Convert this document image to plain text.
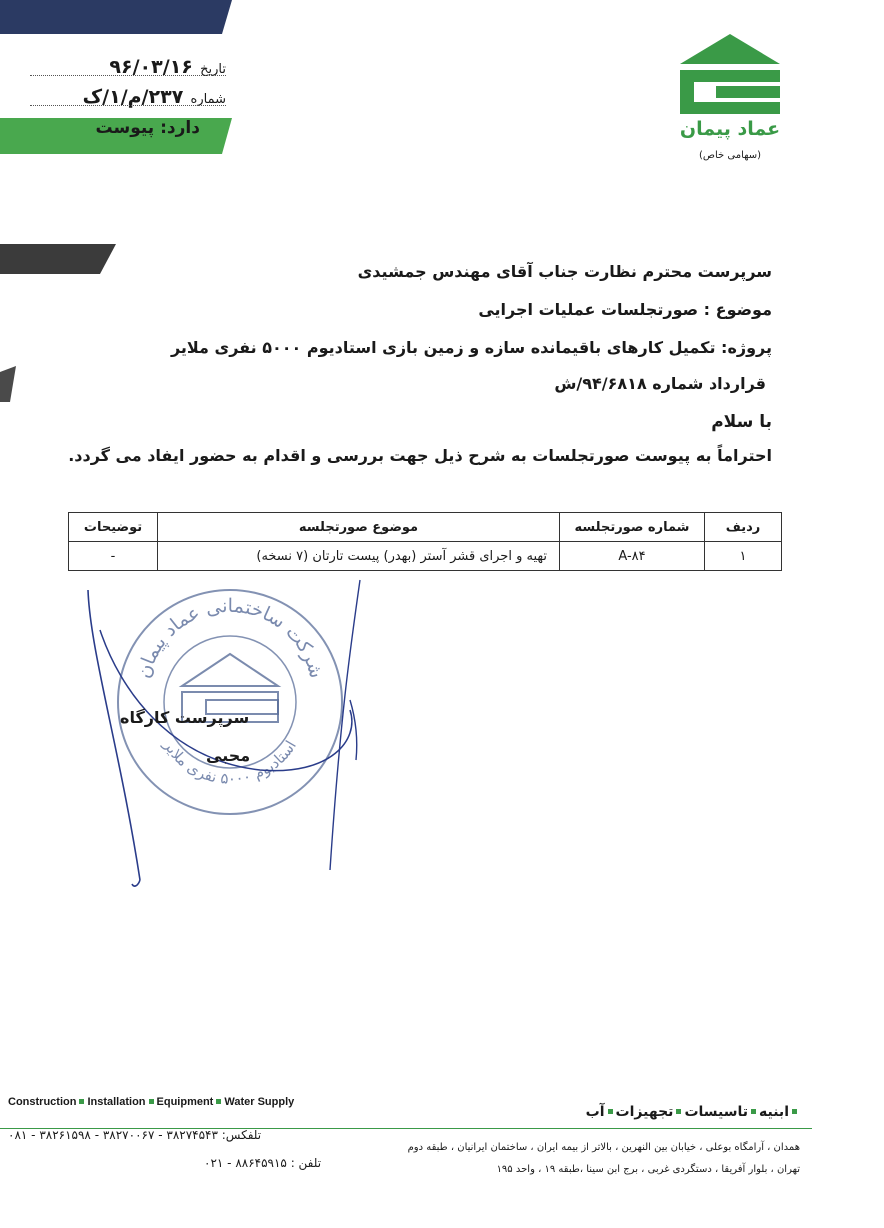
تاریخ ۹۶/۰۳/۱۶
شماره ۲۳۷/م/۱/ک
دارد: پیوست	عماد پیمان
(سهامی خاص)
سرپرست محترم نظارت جناب آقای مهندس جمشیدی
موضوع : صورتجلسات عملیات اجرایی
پروژه: تکمیل کارهای باقیمانده سازه و زمین بازی استادیوم ۵۰۰۰ نفری ملایر
قرارداد شماره ۹۴/۶۸۱۸/ش
با سلام
احتراماً به پیوست صورتجلسات به شرح ذیل جهت بررسی و اقدام به حضور ایفاد می گردد.
ردیف	شماره صورتجلسه	موضوع صورتجلسه	توضیحات
۱	A-۸۴	تهیه و اجرای قشر آستر (بهدر) پیست تارتان (۷ نسخه)	-
شرکت ساختمانی عماد پیمان
استادیوم ۵۰۰۰ نفری ملایر
سرپرست کارگاه
محبی
Construction Installation Equipment Water Supply
ابنیهتاسیساتتجهیزاتآب
همدان ، آرامگاه بوعلی ، خیابان بین النهرین ، بالاتر از بیمه ایران ، ساختمان ایرانیان ، طبقه دوم
تلفکس: ۳۸۲۷۴۵۴۳ - ۳۸۲۷۰۰۶۷ - ۳۸۲۶۱۵۹۸ - ۰۸۱
تهران ، بلوار آفریقا ، دستگردی غربی ، برج ابن سینا ،طبقه ۱۹ ، واحد ۱۹۵
تلفن : ۸۸۶۴۵۹۱۵ - ۰۲۱
